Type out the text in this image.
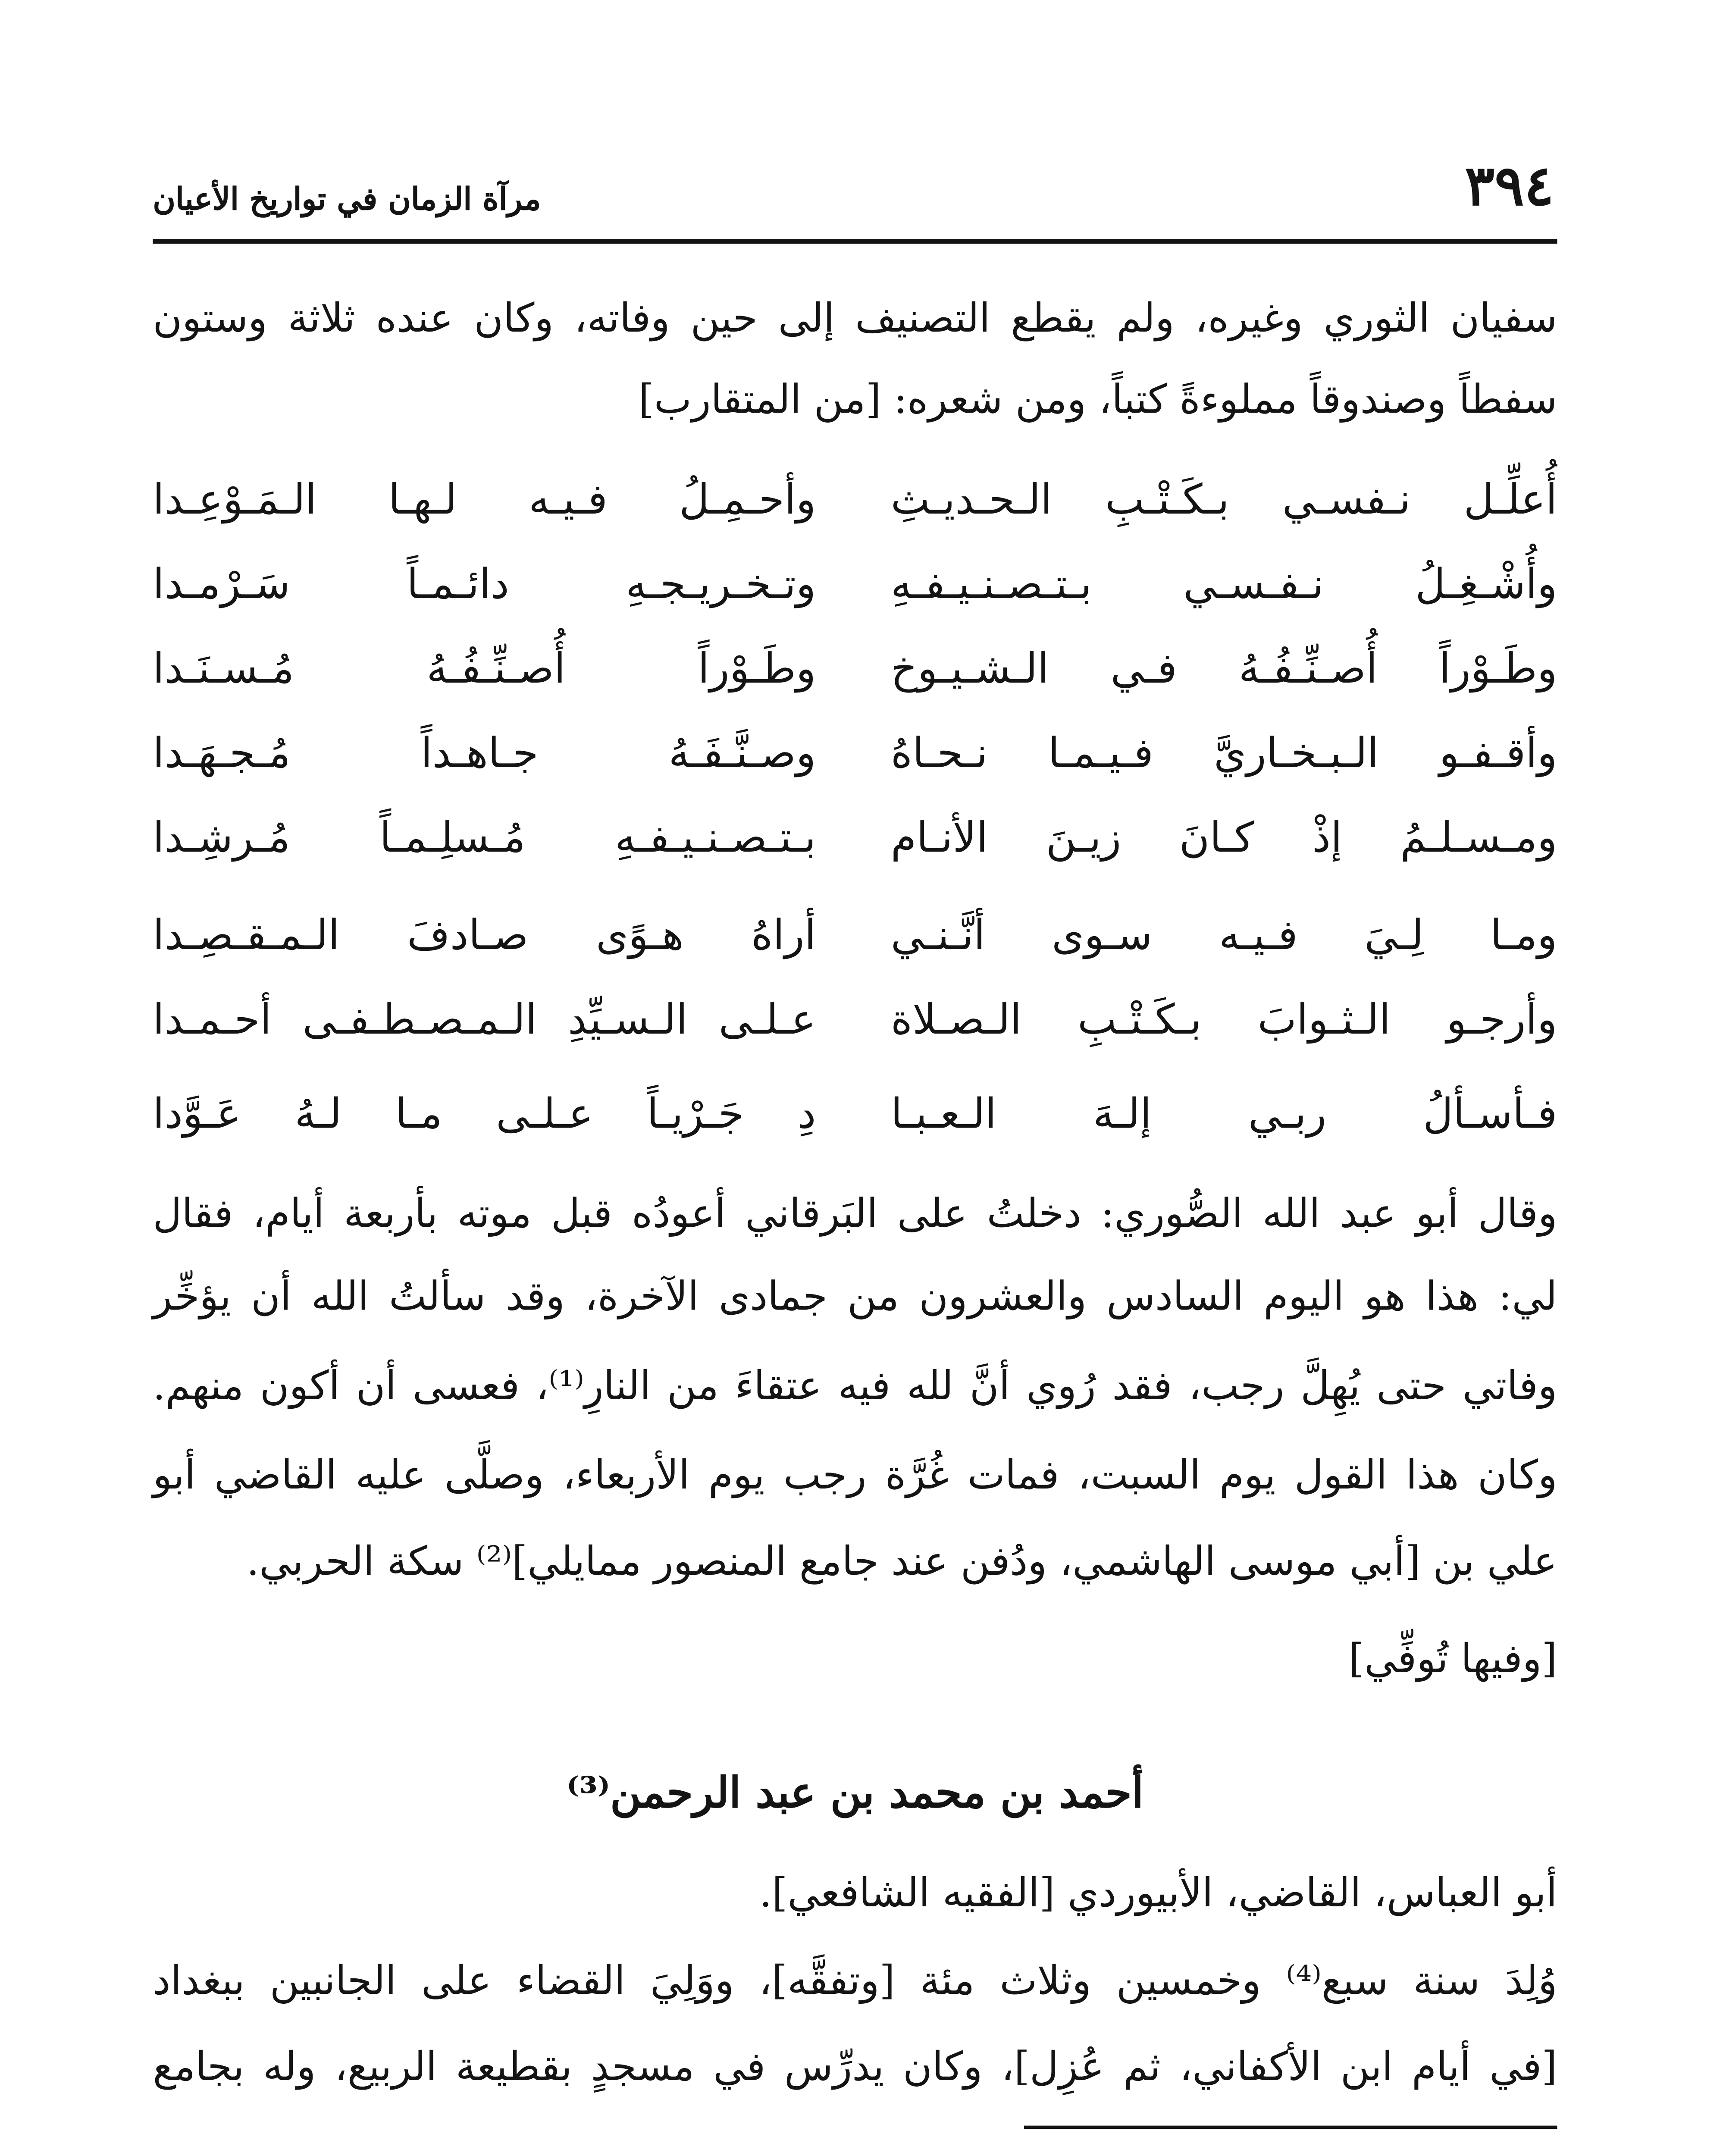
٣٩٤
مرآة الزمان في تواريخ الأعيان
سفيان الثوري وغيره، ولم يقطع التصنيف إلى حين وفاته، وكان عنده ثلاثة وستون
سفطاً وصندوقاً مملوءةً كتباً، ومن شعره: [من المتقارب]
أُعلِّـل نـفسـي بـكَـتْـبِ الـحـديـثِ
وأحـمِـلُ فـيـه لـهـا الـمَـوْعِـدا
وأُشْـغِـلُ نـفـسـي بـتـصـنـيـفـهِ
وتـخـريـجـهِ دائـمـاً سَـرْمـدا
وطَـوْراً أُصـنِّـفُـهُ فـي الـشـيـوخ
وطَـوْراً أُصـنِّـفُـهُ مُـسـنَـدا
وأقـفـو الـبـخـاريَّ فـيـمـا نـحـاهُ
وصـنَّـفَـهُ جـاهـداً مُـجـهَـدا
ومـسـلـمُ إذْ كـانَ زيـنَ الأنـام
بـتـصـنـيـفـهِ مُـسلِـمـاً مُـرشِـدا
ومـا لِـيَ فـيـه سـوى أنَّـنـي
أراهُ هـوًى صـادفَ الـمـقـصِـدا
وأرجـو الـثـوابَ بـكَـتْـبِ الـصـلاة
عـلـى الـسـيِّدِ الـمـصـطـفـى أحـمـدا
فـأسـألُ ربـي إلـهَ الـعـبـا
دِ جَـرْيـاً عـلـى مـا لـهُ عَـوَّدا
وقال أبو عبد الله الصُّوري: دخلتُ على البَرقاني أعودُه قبل موته بأربعة أيام، فقال
لي: هذا هو اليوم السادس والعشرون من جمادى الآخرة، وقد سألتُ الله أن يؤخِّر
وفاتي حتى يُهِلَّ رجب، فقد رُوي أنَّ لله فيه عتقاءَ من النارِ⁽¹⁾، فعسى أن أكون منهم.
وكان هذا القول يوم السبت، فمات غُرَّة رجب يوم الأربعاء، وصلَّى عليه القاضي أبو
علي بن [أبي موسى الهاشمي، ودُفن عند جامع المنصور ممايلي]⁽²⁾ سكة الحربي.
[وفيها تُوفِّي]
أحمد بن محمد بن عبد الرحمن⁽³⁾
أبو العباس، القاضي، الأبيوردي [الفقيه الشافعي].
وُلِدَ سنة سبع⁽⁴⁾ وخمسين وثلاث مئة [وتفقَّه]، ووَلِيَ القضاء على الجانبين ببغداد
[في أيام ابن الأكفاني، ثم عُزِل]، وكان يدرِّس في مسجدٍ بقطيعة الربيع، وله بجامع
